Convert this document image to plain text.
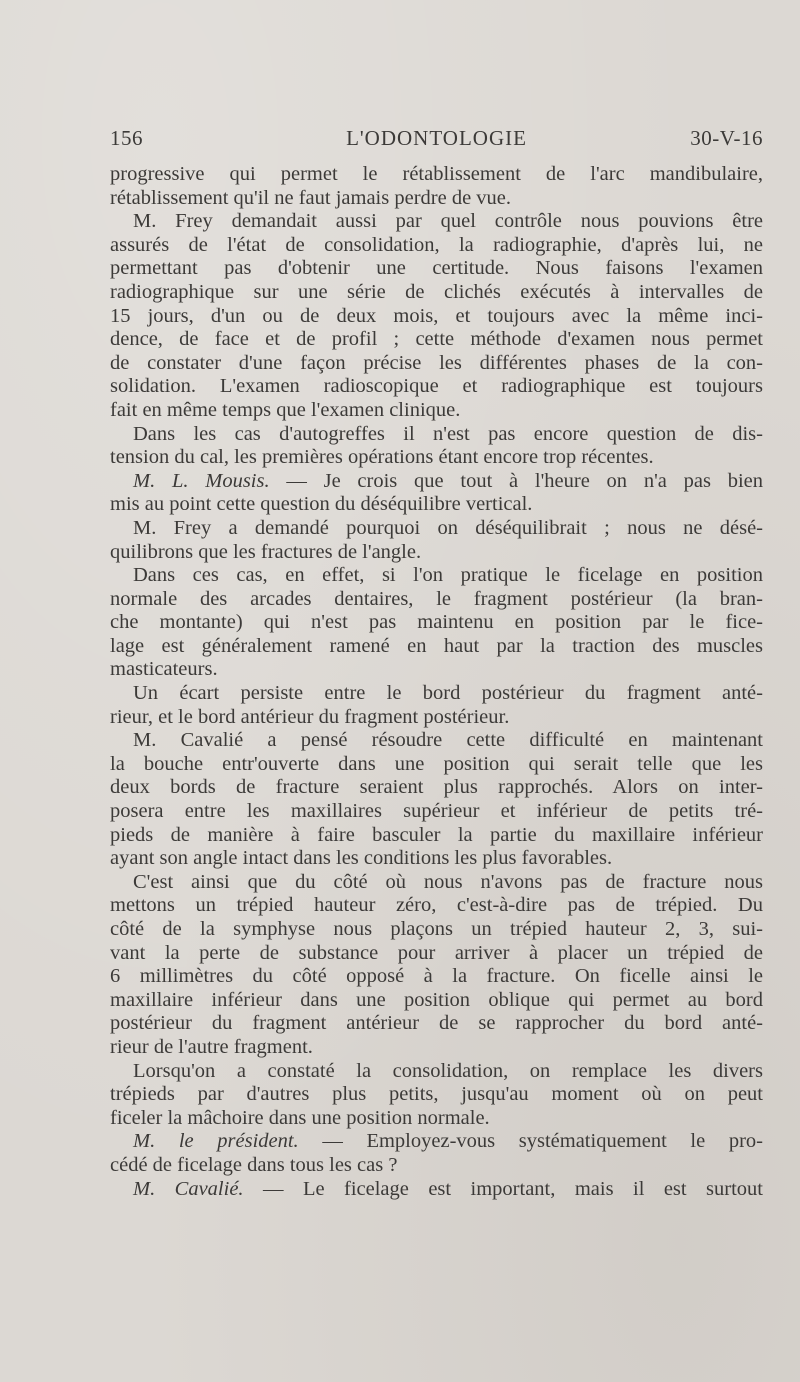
156	L'ODONTOLOGIE	30-V-16
progressive qui permet le rétablissement de l'arc mandibulaire,
rétablissement qu'il ne faut jamais perdre de vue.
M. Frey demandait aussi par quel contrôle nous pouvions être
assurés de l'état de consolidation, la radiographie, d'après lui, ne
permettant pas d'obtenir une certitude. Nous faisons l'examen
radiographique sur une série de clichés exécutés à intervalles de
15 jours, d'un ou de deux mois, et toujours avec la même inci-
dence, de face et de profil ; cette méthode d'examen nous permet
de constater d'une façon précise les différentes phases de la con-
solidation. L'examen radioscopique et radiographique est toujours
fait en même temps que l'examen clinique.
Dans les cas d'autogreffes il n'est pas encore question de dis-
tension du cal, les premières opérations étant encore trop récentes.
M. L. Mousis. — Je crois que tout à l'heure on n'a pas bien
mis au point cette question du déséquilibre vertical.
M. Frey a demandé pourquoi on déséquilibrait ; nous ne désé-
quilibrons que les fractures de l'angle.
Dans ces cas, en effet, si l'on pratique le ficelage en position
normale des arcades dentaires, le fragment postérieur (la bran-
che montante) qui n'est pas maintenu en position par le fice-
lage est généralement ramené en haut par la traction des muscles
masticateurs.
Un écart persiste entre le bord postérieur du fragment anté-
rieur, et le bord antérieur du fragment postérieur.
M. Cavalié a pensé résoudre cette difficulté en maintenant
la bouche entr'ouverte dans une position qui serait telle que les
deux bords de fracture seraient plus rapprochés. Alors on inter-
posera entre les maxillaires supérieur et inférieur de petits tré-
pieds de manière à faire basculer la partie du maxillaire inférieur
ayant son angle intact dans les conditions les plus favorables.
C'est ainsi que du côté où nous n'avons pas de fracture nous
mettons un trépied hauteur zéro, c'est-à-dire pas de trépied. Du
côté de la symphyse nous plaçons un trépied hauteur 2, 3, sui-
vant la perte de substance pour arriver à placer un trépied de
6 millimètres du côté opposé à la fracture. On ficelle ainsi le
maxillaire inférieur dans une position oblique qui permet au bord
postérieur du fragment antérieur de se rapprocher du bord anté-
rieur de l'autre fragment.
Lorsqu'on a constaté la consolidation, on remplace les divers
trépieds par d'autres plus petits, jusqu'au moment où on peut
ficeler la mâchoire dans une position normale.
M. le président. — Employez-vous systématiquement le pro-
cédé de ficelage dans tous les cas ?
M. Cavalié. — Le ficelage est important, mais il est surtout
